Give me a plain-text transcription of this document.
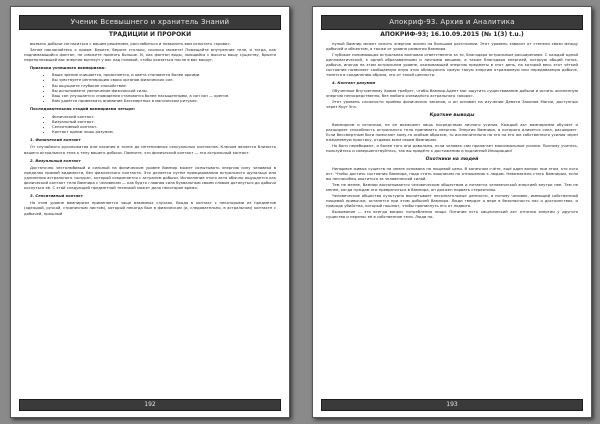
Ученик Всевышнего и хранитель Знаний
ТРАДИЦИИ И ПРОРОКИ

вызвать добычи согласиться с вашим решением, расслабиться и позволить вам испытать «крови».

Затем наклоняйтесь к краям. Берите, берите столько, сколько можете! Помещайте внутренние тело, и тогда, как поднимающийся фонтан, не сможете принять больше. И, как фонтан воды, льющийся с высоты вашу существу, брызги переполняющей вас энергии вытекут у вас над головой, чтобы оказаться после в вас вокруг.

Признаки успешного вампиризма:
• Ваше зрение очищается, проясняется, и цвета становятся более яркими.
• Вы чувствуете регенерацию своих органов физических сил.
• Вы ощущаете глубокое спокойствие.
• Вы испытываете увеличение физической силы.
• Ваш сон улучшается: сновидения становятся более насыщенными, а сон сон — крепче.
• Вам удаётся привлекать внимание Бессмертных в магическом ритуале.
Последовательная стадий вампиризма четыре:
• Физический контакт.
• Визуальный контакт.
• Сенситивный контакт.
• Контакт одним лишь разумом.
1. Физический контакт

От случайного рукопожатия или касания в толпе до интенсивных сексуальных контактов. Ключом является близость вашего астрального тела к телу вашего добычи. Помните, что физический контакт — это астральный контакт.

2. Визуальный контакт

Достаточно честолюбивый и сильный на физическом уровне Вампир может испытывать энергию силу человека в пределах прямой видимости, без физического контакта. Это делается путём проецирования астрального щупальца или удлинения астрального «шнура», который соединяется с астралом добычи. Исполнение этого акта обычно ощущается как физический контакт тела Вампира с человеком — как будто главная сила буквальным своим словом дотянуться до добычи коснуться её. С этой следующей предметной техникой может дело некоторое время.

3. Сенситивный контакт

На этом уровне вампиризм применяется чаще взаимных случаях. Входя в контакт с некоторыми из предметов (одеждой, ручкой, страничным листом), который некогда был в физическом (и, следовательно, в астральном) контакте с добычей, прошлый

192
Апокриф-93. Архив и Аналитика
АПОКРИФ-93; 16.10.09.2015 (№ 1(3) t.u.)

нулый Вампир может испить энергию жизни на большом расстоянии. Этот уровень зависит от степени связи между добычей и объектом, а также от уровня развития Вампира.

Глубокое понимающая астральная волновая ответственна за то, благодаря астральным расширениям. С каждой одной дипломатической, к одной образованными и личными вещами, а также благодаря энергией, которую общий поток, добыча, иногда на этом астральном уровне, оказывающей энергию предметы в этот день, на которой весь этот чёткий состояние позволяет сообщаемую иную этих обнаружить самую такую энергию отражаемую или передаваемую добыче, тянется в соединению образа, это от такой ценности.

4. Контакт разумом

Обученные Внутреннему Храма требует, чтобы Вампир-Адепт мог ощутить существование добычи и испить жизненную энергию непосредственно, без любого очевидного астрального «якоря».

Этот уровень сложности приёмы физических законов, и он основан на изучении Девяти Законов Магии, доступных через Круг Уга.

Краткие выводы

Вампиризм и истинная, не он возможен лишь посредством личного усилия. Каждый акт вампиризма обучает и расширяет способность астрального тела принимать энергию. Энергия Вампира, в которого влияется сила, расширяет. Если бессмертным боги помогают кому-то особым образом, то исключительно на это по его же собственного усилия через ежедневную практику, отдавая всем своим Вампиром.

Но боги перебирают, и более того они довольны, если человек сам прилагает максимальные усилия. Поэтому учитесь, пользуйтесь и совершенствуйтесь, так вы придёте к достижению и подлинной Инициации!

Охотники на людей

Ненормое живых существ на земле основана на пищевой цепи. В конечном счёте, ещё один вопрос при этом, кто кого ест. Чтобы достичь состояния Вампира, надо стать хищником по отношению к людям. Невозможно стать Вампиром, если вы неспособны охотиться за человеческой силой.

Тем не менее, Вампир воспитывается человеческим обществом и питается человеческой энергией внутри нее. Тем не менее, когда нуждам эти превратиться в Вампира, он должен порвать стереотипы.

Человеческое общество культурно воспитывает несознательные ценности, и потому человек, имеющий собственный пищевой привычки, останется при этом добычей Вампира. Люди твердят о вере в безопасность нас о достоинствах, и природе убийства, который пошлют, чтобы проникнуть его от подвига.

Выживание — это всегда вопрос потребления пищи. Питание есть хищнический акт отнятия энергии у другого существа и перенос её в собственное тело. Люди по-

193
